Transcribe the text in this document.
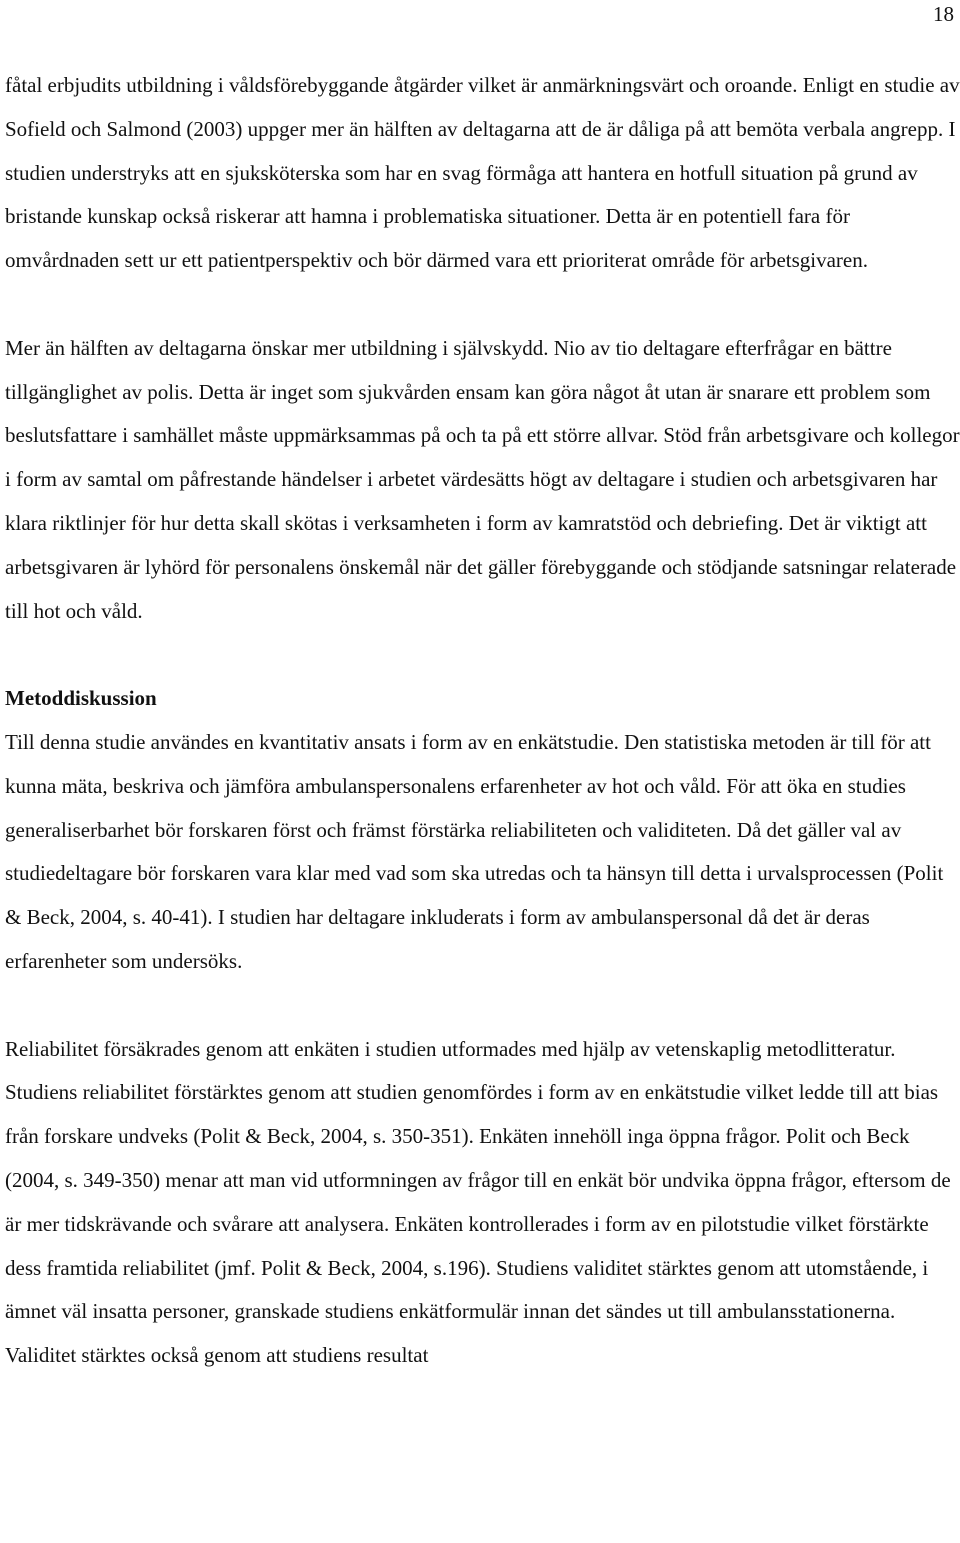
18

fåtal erbjudits utbildning i våldsförebyggande åtgärder vilket är anmärkningsvärt och oroande. Enligt en studie av Sofield och Salmond (2003) uppger mer än hälften av deltagarna att de är dåliga på att bemöta verbala angrepp. I studien understryks att en sjuksköterska som har en svag förmåga att hantera en hotfull situation på grund av bristande kunskap också riskerar att hamna i problematiska situationer. Detta är en potentiell fara för omvårdnaden sett ur ett patientperspektiv och bör därmed vara ett prioriterat område för arbetsgivaren.

Mer än hälften av deltagarna önskar mer utbildning i självskydd. Nio av tio deltagare efterfrågar en bättre tillgänglighet av polis. Detta är inget som sjukvården ensam kan göra något åt utan är snarare ett problem som beslutsfattare i samhället måste uppmärksammas på och ta på ett större allvar. Stöd från arbetsgivare och kollegor i form av samtal om påfrestande händelser i arbetet värdesätts högt av deltagare i studien och arbetsgivaren har klara riktlinjer för hur detta skall skötas i verksamheten i form av kamratstöd och debriefing. Det är viktigt att arbetsgivaren är lyhörd för personalens önskemål när det gäller förebyggande och stödjande satsningar relaterade till hot och våld.

Metoddiskussion

Till denna studie användes en kvantitativ ansats i form av en enkätstudie. Den statistiska metoden är till för att kunna mäta, beskriva och jämföra ambulanspersonalens erfarenheter av hot och våld. För att öka en studies generaliserbarhet bör forskaren först och främst förstärka reliabiliteten och validiteten. Då det gäller val av studiedeltagare bör forskaren vara klar med vad som ska utredas och ta hänsyn till detta i urvalsprocessen (Polit & Beck, 2004, s. 40-41). I studien har deltagare inkluderats i form av ambulanspersonal då det är deras erfarenheter som undersöks.

Reliabilitet försäkrades genom att enkäten i studien utformades med hjälp av vetenskaplig metodlitteratur. Studiens reliabilitet förstärktes genom att studien genomfördes i form av en enkätstudie vilket ledde till att bias från forskare undveks (Polit & Beck, 2004, s. 350-351). Enkäten innehöll inga öppna frågor. Polit och Beck (2004, s. 349-350) menar att man vid utformningen av frågor till en enkät bör undvika öppna frågor, eftersom de är mer tidskrävande och svårare att analysera. Enkäten kontrollerades i form av en pilotstudie vilket förstärkte dess framtida reliabilitet (jmf. Polit & Beck, 2004, s.196). Studiens validitet stärktes genom att utomstående, i ämnet väl insatta personer, granskade studiens enkätformulär innan det sändes ut till ambulansstationerna. Validitet stärktes också genom att studiens resultat
